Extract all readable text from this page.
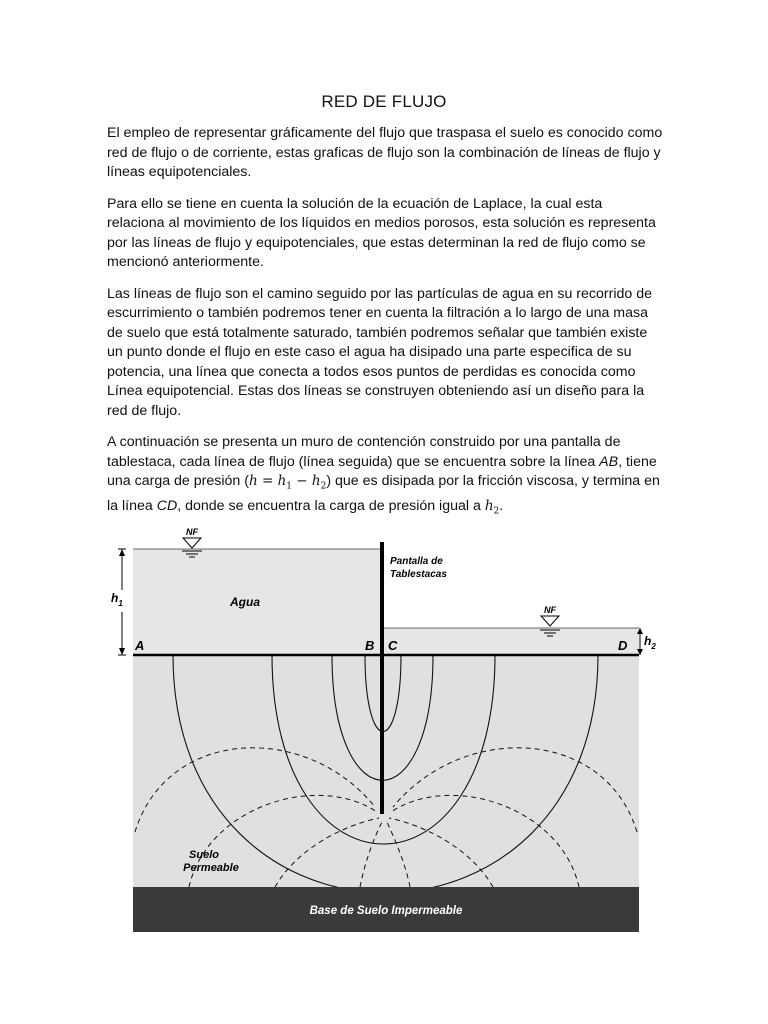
RED DE FLUJO

El empleo de representar gráficamente del flujo que traspasa el suelo es conocido como red de flujo o de corriente, estas graficas de flujo son la combinación de líneas de flujo y líneas equipotenciales.

Para ello se tiene en cuenta la solución de la ecuación de Laplace, la cual esta relaciona al movimiento de los líquidos en medios porosos, esta solución es representa por las líneas de flujo y equipotenciales, que estas determinan la red de flujo como se mencionó anteriormente.

Las líneas de flujo son el camino seguido por las partículas de agua en su recorrido de escurrimiento o también podremos tener en cuenta la filtración a lo largo de una masa de suelo que está totalmente saturado, también podremos señalar que también existe un punto donde el flujo en este caso el agua ha disipado una parte especifica de su potencia, una línea que conecta a todos esos puntos de perdidas es conocida como Línea equipotencial. Estas dos líneas se construyen obteniendo así un diseño para la red de flujo.

A continuación se presenta un muro de contención construido por una pantalla de tablestaca, cada línea de flujo (línea seguida) que se encuentra sobre la línea AB, tiene una carga de presión $(h = h_1 - h_2)$ que es disipada por la fricción viscosa, y termina en la línea CD, donde se encuentra la carga de presión igual a $h_2$.

Base de Suelo Impermeable
NF
NF
$h_1$
$h_2$
Pantalla de
Tablestacas
Agua
A	B C	D
Suelo
Permeable
